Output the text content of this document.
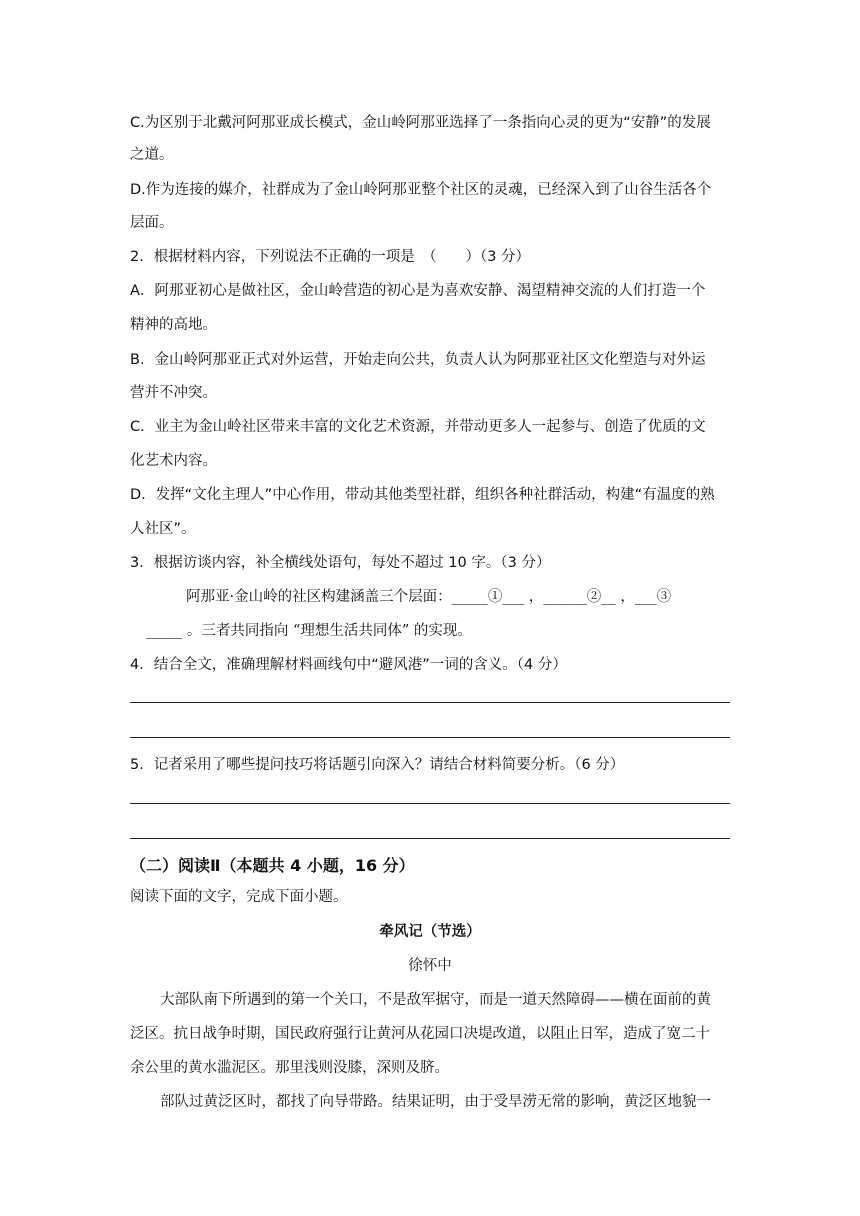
C.为区别于北戴河阿那亚成长模式，金山岭阿那亚选择了一条指向心灵的更为“安静”的发展
之道。
D.作为连接的媒介，社群成为了金山岭阿那亚整个社区的灵魂，已经深入到了山谷生活各个
层面。
2．根据材料内容，下列说法不正确的一项是　（　　）（3 分）
A．阿那亚初心是做社区，金山岭营造的初心是为喜欢安静、渴望精神交流的人们打造一个
精神的高地。
B．金山岭阿那亚正式对外运营，开始走向公共，负责人认为阿那亚社区文化塑造与对外运
营并不冲突。
C．业主为金山岭社区带来丰富的文化艺术资源，并带动更多人一起参与、创造了优质的文
化艺术内容。
D．发挥“文化主理人”中心作用，带动其他类型社群，组织各种社群活动，构建“有温度的熟
人社区”。
3．根据访谈内容，补全横线处语句，每处不超过 10 字。（3 分）
阿那亚·金山岭的社区构建涵盖三个层面：_____①___ ，______②__ ，___③
_____ 。三者共同指向 “理想生活共同体” 的实现。
4．结合全文，准确理解材料画线句中“避风港”一词的含义。（4 分）
5．记者采用了哪些提问技巧将话题引向深入？请结合材料简要分析。（6 分）
（二）阅读Ⅱ（本题共 4 小题，16 分）
阅读下面的文字，完成下面小题。
牵风记（节选）
徐怀中
大部队南下所遇到的第一个关口，不是敌军据守，而是一道天然障碍——横在面前的黄
泛区。抗日战争时期，国民政府强行让黄河从花园口决堤改道，以阻止日军，造成了宽二十
余公里的黄水滥泥区。那里浅则没膝，深则及脐。
部队过黄泛区时，都找了向导带路。结果证明，由于受旱涝无常的影响，黄泛区地貌一
